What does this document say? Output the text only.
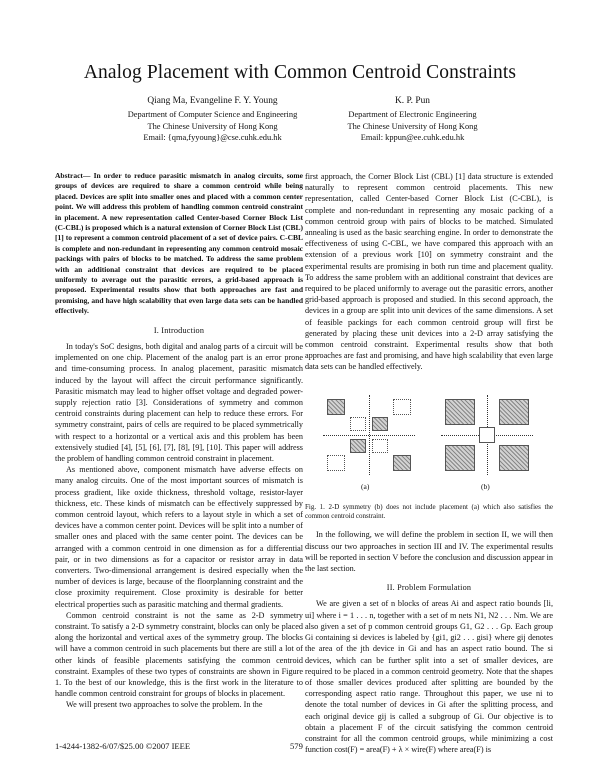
Analog Placement with Common Centroid Constraints
Qiang Ma, Evangeline F. Y. Young
Department of Computer Science and Engineering
The Chinese University of Hong Kong
Email: {qma,fyyoung}@cse.cuhk.edu.hk
K. P. Pun
Department of Electronic Engineering
The Chinese University of Hong Kong
Email: kppun@ee.cuhk.edu.hk

Abstract— In order to reduce parasitic mismatch in analog circuits, some groups of devices are required to share a common centroid while being placed. Devices are split into smaller ones and placed with a common center point. We will address this problem of handling common centroid constraint in placement. A new representation called Center-based Corner Block List (C-CBL) is proposed which is a natural extension of Corner Block List (CBL) [1] to represent a common centroid placement of a set of device pairs. C-CBL is complete and non-redundant in representing any common centroid mosaic packings with pairs of blocks to be matched. To address the same problem with an additional constraint that devices are required to be placed uniformly to average out the parasitic errors, a grid-based approach is proposed. Experimental results show that both approaches are fast and promising, and have high scalability that even large data sets can be handled effectively.

I. Introduction

In today's SoC designs, both digital and analog parts of a circuit will be implemented on one chip. Placement of the analog part is an error prone and time-consuming process. In analog placement, parasitic mismatch induced by the layout will affect the circuit performance significantly. Parasitic mismatch may lead to higher offset voltage and degraded power-supply rejection ratio [3]. Considerations of symmetry and common centroid constraints during placement can help to reduce these errors. For symmetry constraint, pairs of cells are required to be placed symmetrically with respect to a horizontal or a vertical axis and this problem has been extensively studied [4], [5], [6], [7], [8], [9], [10]. This paper will address the problem of handling common centroid constraint in placement.

As mentioned above, component mismatch have adverse effects on many analog circuits. One of the most important sources of mismatch is process gradient, like oxide thickness, threshold voltage, resistor-layer thickness, etc. These kinds of mismatch can be effectively suppressed by common centroid layout, which refers to a layout style in which a set of devices have a common center point. Devices will be split into a number of smaller ones and placed with the same center point. The devices can be arranged with a common centroid in one dimension as for a differential pair, or in two dimensions as for a capacitor or resistor array in data converters. Two-dimensional arrangement is desired especially when the number of devices is large, because of the floorplanning constraint and the close proximity requirement. Close proximity is desirable for better electrical properties such as parasitic matching and thermal gradients.

Common centroid constraint is not the same as 2-D symmetry constraint. To satisfy a 2-D symmetry constraint, blocks can only be placed along the horizontal and vertical axes of the symmetry group. The blocks will have a common centroid in such placements but there are still a lot of other kinds of feasible placements satisfying the common centroid constraint. Examples of these two types of constraints are shown in Figure 1. To the best of our knowledge, this is the first work in the literature to handle common centroid constraint for groups of blocks in placement.

We will present two approaches to solve the problem. In the

first approach, the Corner Block List (CBL) [1] data structure is extended naturally to represent common centroid placements. This new representation, called Center-based Corner Block List (C-CBL), is complete and non-redundant in representing any mosaic packing of a common centroid group with pairs of blocks to be matched. Simulated annealing is used as the basic searching engine. In order to demonstrate the effectiveness of using C-CBL, we have compared this approach with an extension of a previous work [10] on symmetry constraint and the experimental results are promising in both run time and placement quality. To address the same problem with an additional constraint that devices are required to be placed uniformly to average out the parasitic errors, another grid-based approach is proposed and studied. In this second approach, the devices in a group are split into unit devices of the same dimensions. A set of feasible packings for each common centroid group will first be generated by placing these unit devices into a 2-D array satisfying the common centroid constraint. Experimental results show that both approaches are fast and promising, and have high scalability that even large data sets can be handled effectively.

(a)	(b)

Fig. 1. 2-D symmetry (b) does not include placement (a) which also satisfies the common centroid constraint.

In the following, we will define the problem in section II, we will then discuss our two approaches in section III and IV. The experimental results will be reported in section V before the conclusion and discussion appear in the last section.

II. Problem Formulation

We are given a set of n blocks of areas Ai and aspect ratio bounds [li, ui] where i = 1 . . . n, together with a set of m nets N1, N2 . . . Nm. We are also given a set of p common centroid groups G1, G2 . . . Gp. Each group Gi containing si devices is labeled by {gi1, gi2 . . . gisi} where gij denotes the area of the jth device in Gi and has an aspect ratio bound. The si devices, which can be further split into a set of smaller devices, are required to be placed in a common centroid geometry. Note that the shapes of those smaller devices produced after splitting are bounded by the corresponding aspect ratio range. Throughout this paper, we use ni to denote the total number of devices in Gi after the splitting process, and each original device gij is called a subgroup of Gi. Our objective is to obtain a placement F of the circuit satisfying the common centroid constraint for all the common centroid groups, while minimizing a cost function cost(F) = area(F) + λ × wire(F) where area(F) is

1-4244-1382-6/07/$25.00 ©2007 IEEE	579
